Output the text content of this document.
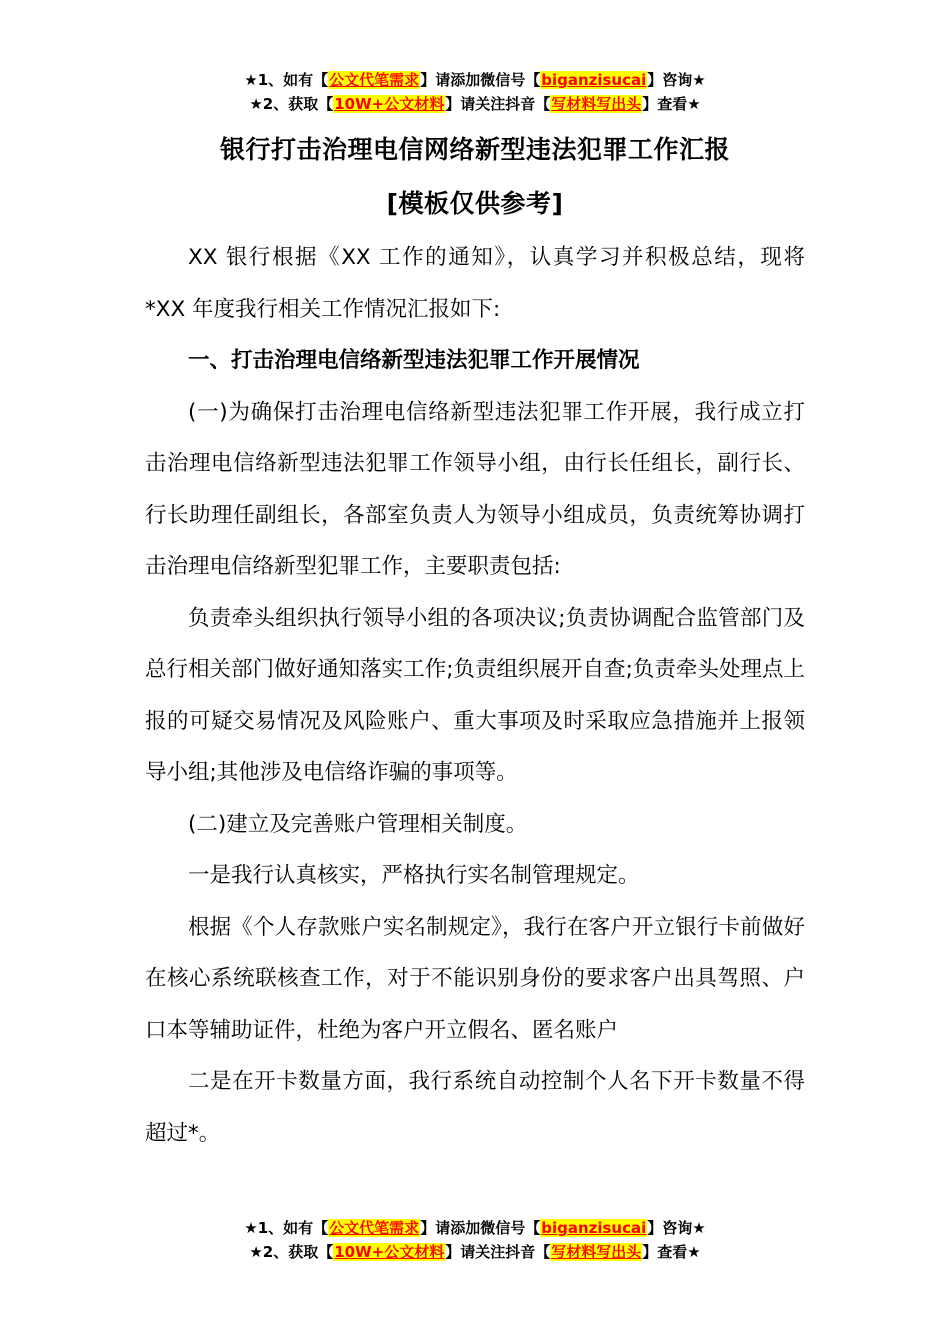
★1、如有【公文代笔需求】请添加微信号【biganzisucai】咨询★
★2、获取【10W+公文材料】请关注抖音【写材料写出头】查看★
银行打击治理电信网络新型违法犯罪工作汇报
[模板仅供参考]

XX 银行根据《XX 工作的通知》，认真学习并积极总结，现将*XX 年度我行相关工作情况汇报如下:

一、打击治理电信络新型违法犯罪工作开展情况

(一)为确保打击治理电信络新型违法犯罪工作开展，我行成立打击治理电信络新型违法犯罪工作领导小组，由行长任组长，副行长、行长助理任副组长，各部室负责人为领导小组成员，负责统筹协调打击治理电信络新型犯罪工作，主要职责包括:

负责牵头组织执行领导小组的各项决议;负责协调配合监管部门及总行相关部门做好通知落实工作;负责组织展开自查;负责牵头处理点上报的可疑交易情况及风险账户、重大事项及时采取应急措施并上报领导小组;其他涉及电信络诈骗的事项等。

(二)建立及完善账户管理相关制度。

一是我行认真核实，严格执行实名制管理规定。

根据《个人存款账户实名制规定》，我行在客户开立银行卡前做好在核心系统联核查工作，对于不能识别身份的要求客户出具驾照、户口本等辅助证件，杜绝为客户开立假名、匿名账户

二是在开卡数量方面，我行系统自动控制个人名下开卡数量不得超过*。

★1、如有【公文代笔需求】请添加微信号【biganzisucai】咨询★
★2、获取【10W+公文材料】请关注抖音【写材料写出头】查看★
